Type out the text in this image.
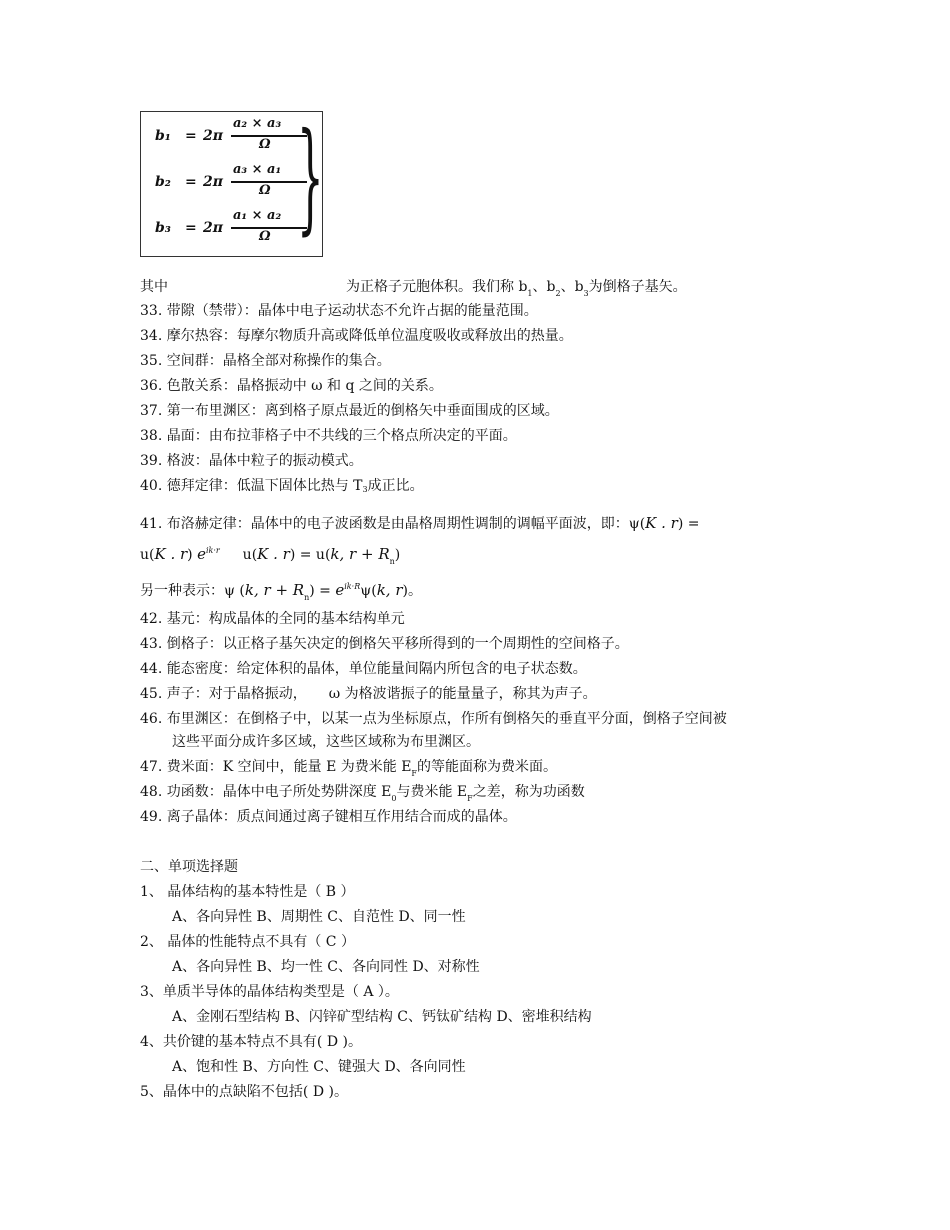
b₁ = 2π
a₂ × a₃
Ω
b₂ = 2π
a₃ × a₁
Ω
b₃ = 2π
a₁ × a₂
Ω }
其中	为正格子元胞体积。我们称 $b_1$、$b_2$、$b_3$为倒格子基矢。
33. 带隙（禁带）：晶体中电子运动状态不允许占据的能量范围。
34. 摩尔热容：每摩尔物质升高或降低单位温度吸收或释放出的热量。
35. 空间群：晶格全部对称操作的集合。
36. 色散关系：晶格振动中 ω 和 q 之间的关系。
37. 第一布里渊区：离到格子原点最近的倒格矢中垂面围成的区域。
38. 晶面：由布拉菲格子中不共线的三个格点所决定的平面。
39. 格波：晶体中粒子的振动模式。
40. 德拜定律：低温下固体比热与 T3成正比。
41. 布洛赫定律：晶体中的电子波函数是由晶格周期性调制的调幅平面波，即：ψ(K . r) =
u(K . r) $e^{ik\cdot r}$ u(K . r) = u(k, $r + R_n$)
另一种表示：ψ (k, $r + R_n) = e^{ik\cdot R}\psi(k$, r)。
42. 基元：构成晶体的全同的基本结构单元
43. 倒格子：以正格子基矢决定的倒格矢平移所得到的一个周期性的空间格子。
44. 能态密度：给定体积的晶体，单位能量间隔内所包含的电子状态数。
45. 声子：对于晶格振动， ω 为格波谐振子的能量量子，称其为声子。
46. 布里渊区：在倒格子中，以某一点为坐标原点，作所有倒格矢的垂直平分面，倒格子空间被
这些平面分成许多区域，这些区域称为布里渊区。
47. 费米面：K 空间中，能量 E 为费米能 $E_F$的等能面称为费米面。
48. 功函数：晶体中电子所处势阱深度 $E_0$与费米能 $E_F$之差，称为功函数
49. 离子晶体：质点间通过离子键相互作用结合而成的晶体。
二、单项选择题
1、 晶体结构的基本特性是（ B ）
A、各向异性 B、周期性 C、自范性 D、同一性
2、 晶体的性能特点不具有（ C ）
A、各向异性 B、均一性 C、各向同性 D、对称性
3、单质半导体的晶体结构类型是（ A ）。
A、金刚石型结构 B、闪锌矿型结构 C、钙钛矿结构 D、密堆积结构
4、共价键的基本特点不具有( D )。
A、饱和性 B、方向性 C、键强大 D、各向同性
5、晶体中的点缺陷不包括( D )。
